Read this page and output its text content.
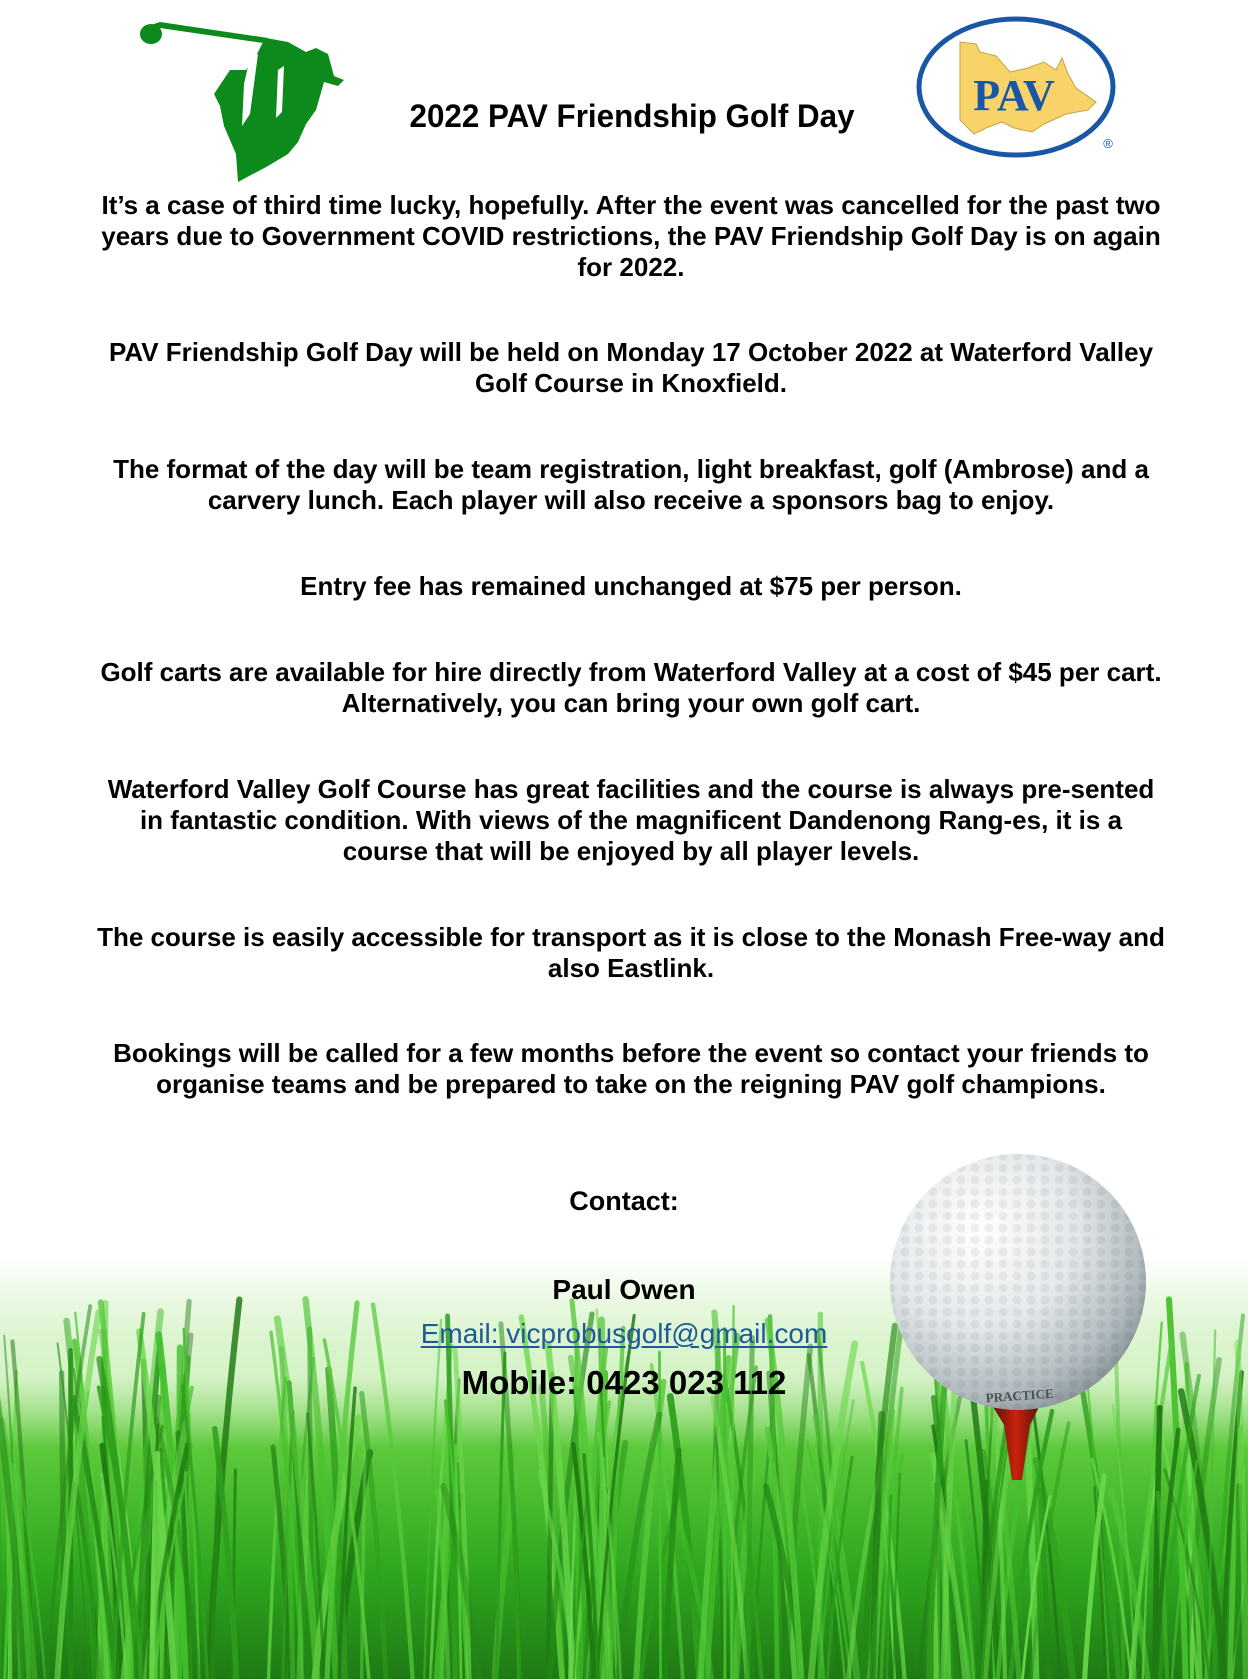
PAV
®
2022 PAV Friendship Golf Day

It’s a case of third time lucky, hopefully. After the event was cancelled for the past two years due to Government COVID restrictions, the PAV Friendship Golf Day is on again for 2022.

PAV Friendship Golf Day will be held on Monday 17 October 2022 at Waterford Valley Golf Course in Knoxfield.

The format of the day will be team registration, light breakfast, golf (Ambrose) and a carvery lunch. Each player will also receive a sponsors bag to enjoy.

Entry fee has remained unchanged at $75 per person.

Golf carts are available for hire directly from Waterford Valley at a cost of $45 per cart. Alternatively, you can bring your own golf cart.

Waterford Valley Golf Course has great facilities and the course is always pre-sented in fantastic condition. With views of the magnificent Dandenong Rang-es, it is a course that will be enjoyed by all player levels.

The course is easily accessible for transport as it is close to the Monash Free-way and also Eastlink.

Bookings will be called for a few months before the event so contact your friends to organise teams and be prepared to take on the reigning PAV golf champions.

Contact:
Paul Owen
Email: vicprobusgolf@gmail.com
Mobile: 0423 023 112	PRACTICE
